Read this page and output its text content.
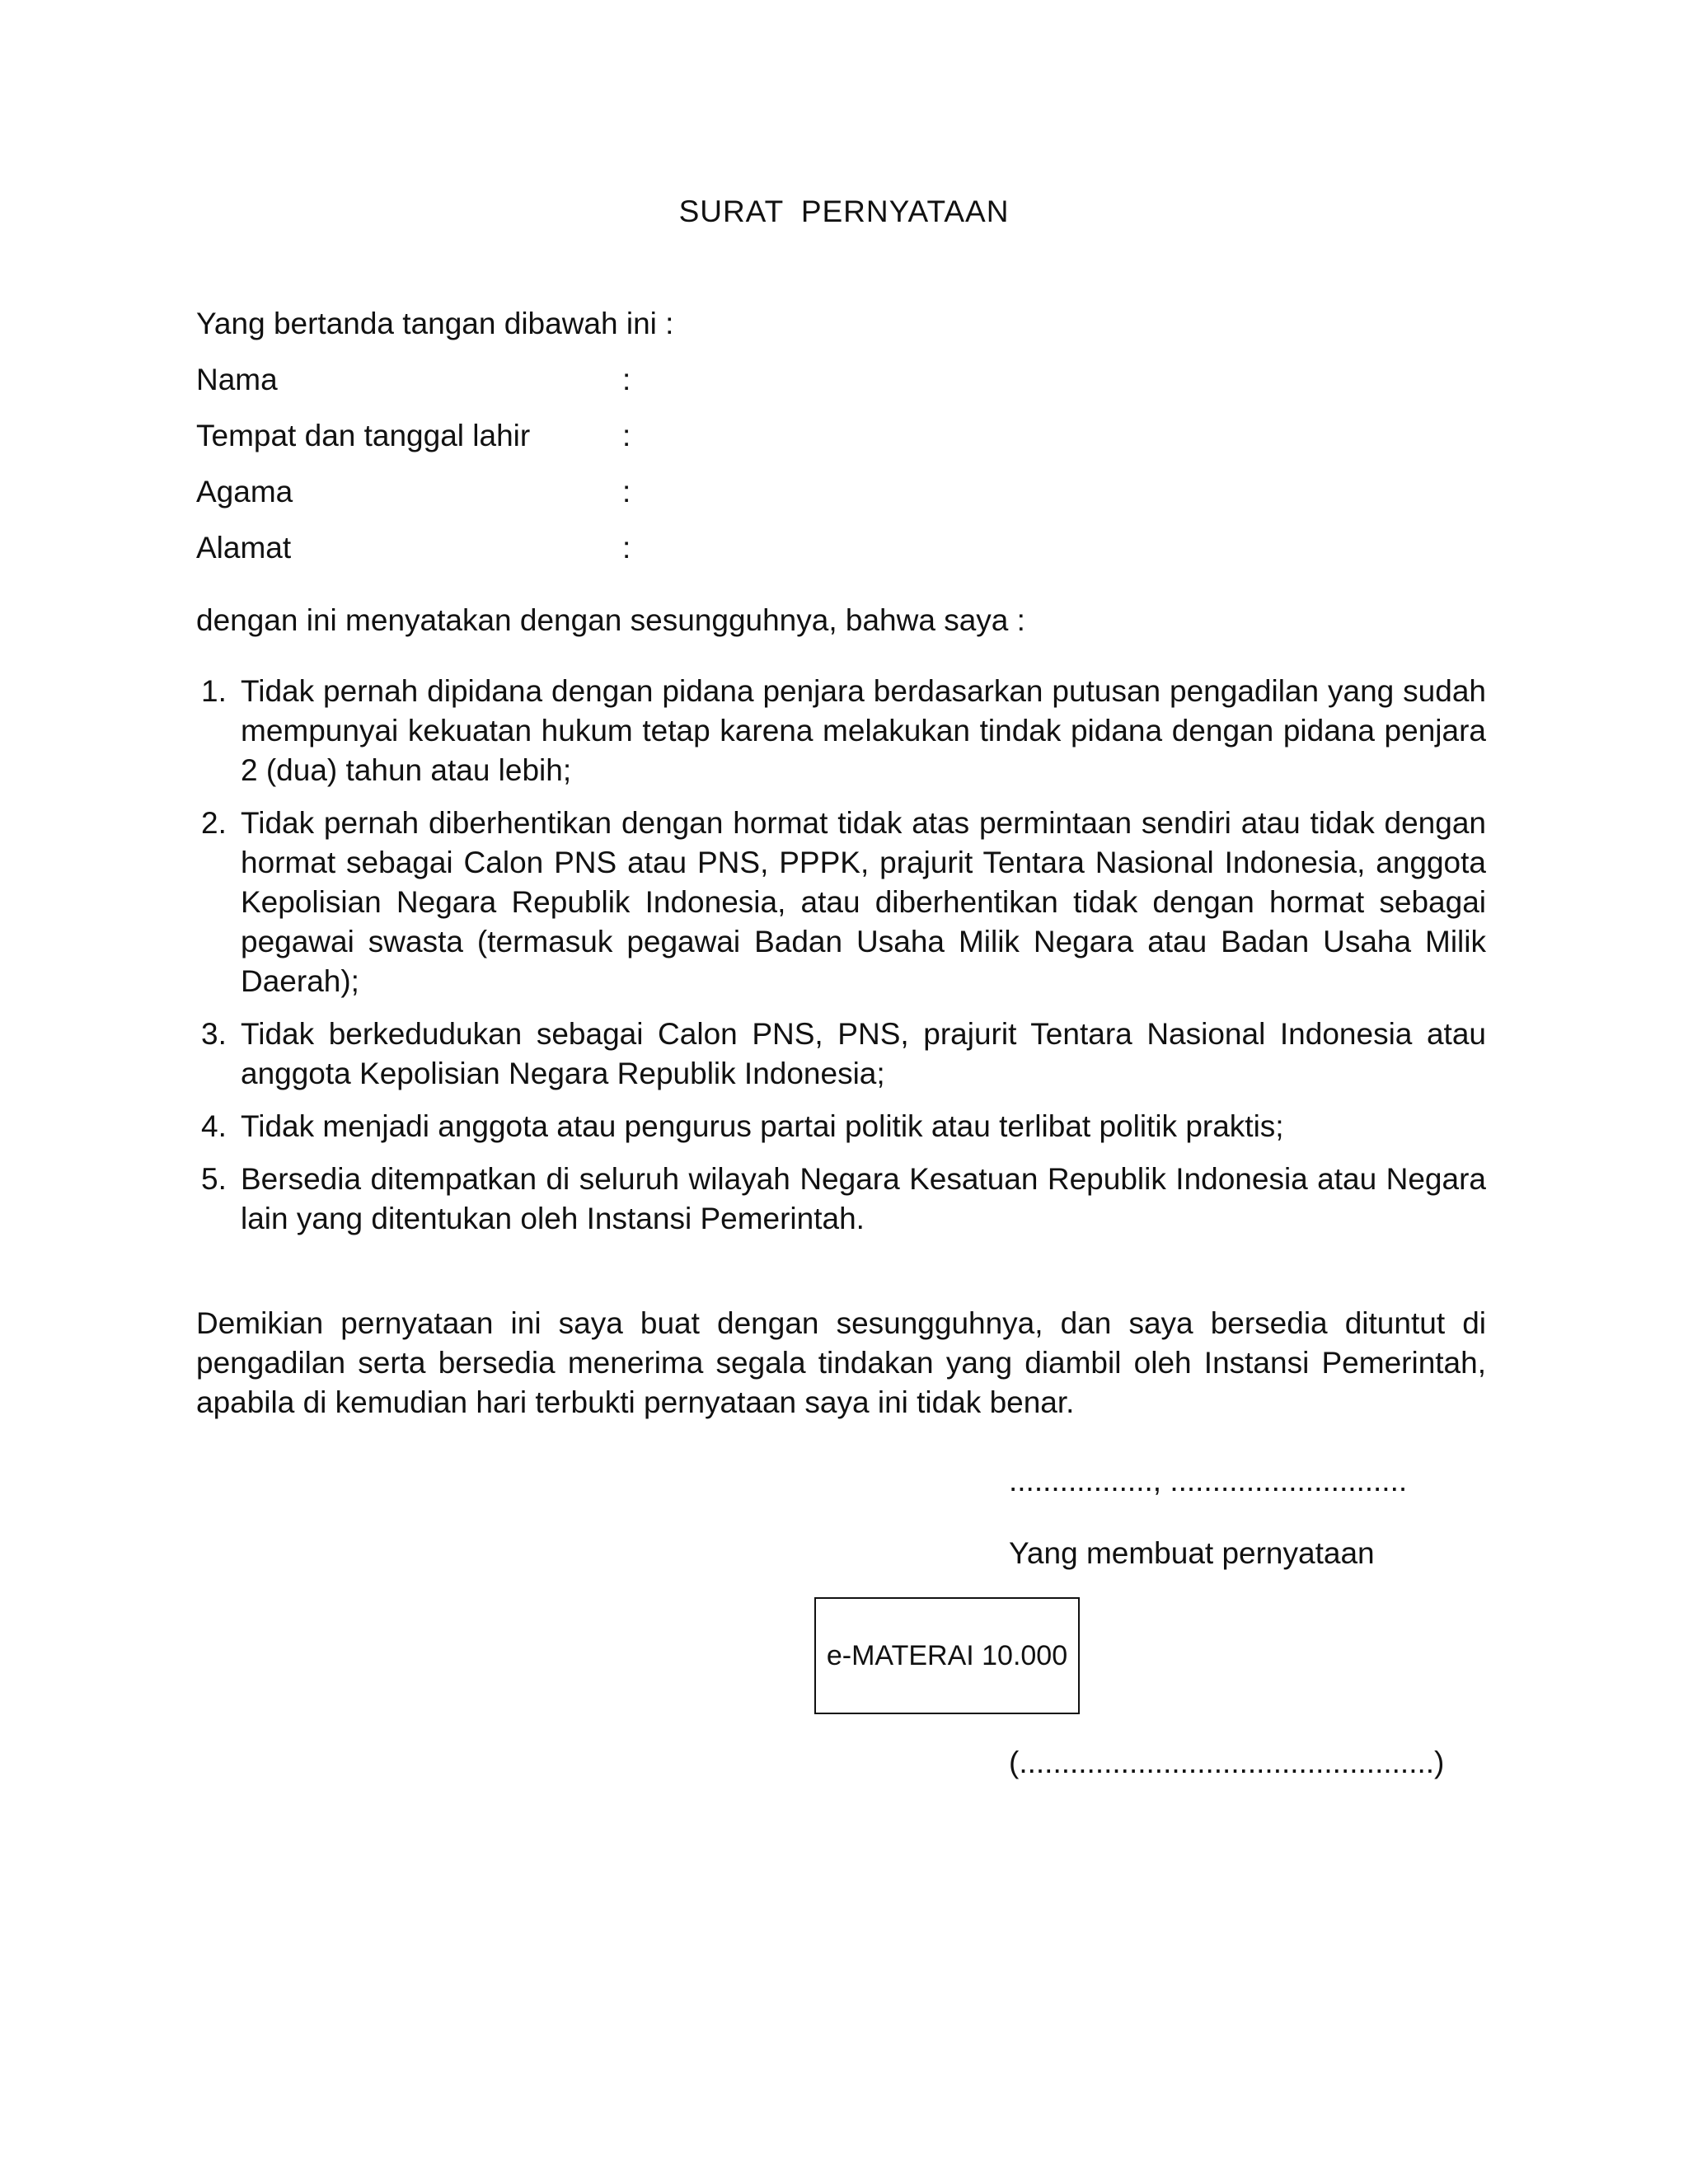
SURAT PERNYATAAN
Yang bertanda tangan dibawah ini :
Nama	:
Tempat dan tanggal lahir	:
Agama	:
Alamat	:
dengan ini menyatakan dengan sesungguhnya, bahwa saya :
1. Tidak pernah dipidana dengan pidana penjara berdasarkan putusan pengadilan yang sudah mempunyai kekuatan hukum tetap karena melakukan tindak pidana dengan pidana penjara 2 (dua) tahun atau lebih;
2. Tidak pernah diberhentikan dengan hormat tidak atas permintaan sendiri atau tidak dengan hormat sebagai Calon PNS atau PNS, PPPK, prajurit Tentara Nasional Indonesia, anggota Kepolisian Negara Republik Indonesia, atau diberhentikan tidak dengan hormat sebagai pegawai swasta (termasuk pegawai Badan Usaha Milik Negara atau Badan Usaha Milik Daerah);
3. Tidak berkedudukan sebagai Calon PNS, PNS, prajurit Tentara Nasional Indonesia atau anggota Kepolisian Negara Republik Indonesia;
4. Tidak menjadi anggota atau pengurus partai politik atau terlibat politik praktis;
5. Bersedia ditempatkan di seluruh wilayah Negara Kesatuan Republik Indonesia atau Negara lain yang ditentukan oleh Instansi Pemerintah.
Demikian pernyataan ini saya buat dengan sesungguhnya, dan saya bersedia dituntut di pengadilan serta bersedia menerima segala tindakan yang diambil oleh Instansi Pemerintah, apabila di kemudian hari terbukti pernyataan saya ini tidak benar.
................., ............................
Yang membuat pernyataan
e-MATERAI 10.000
(.................................................)
